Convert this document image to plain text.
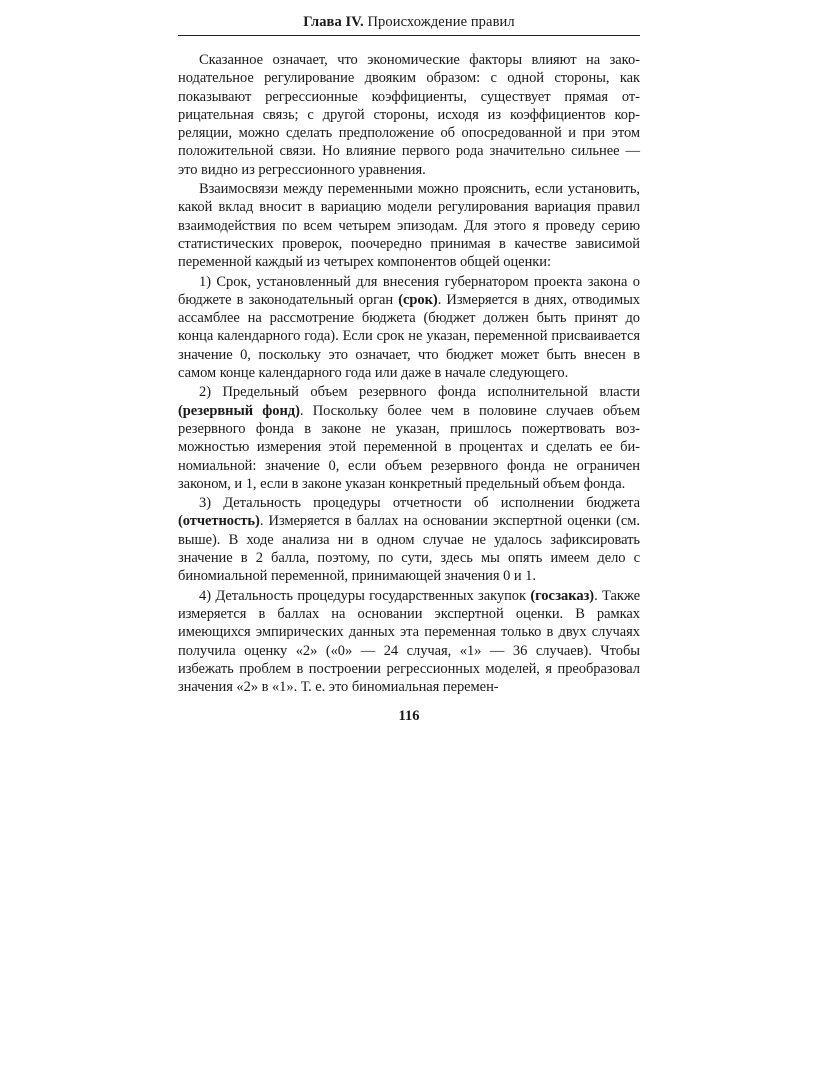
Глава IV. Происхождение правил

Сказанное означает, что экономические факторы влияют на законодательное регулирование двояким образом: с одной стороны, как показывают регрессионные коэффициенты, существует прямая отрицательная связь; с другой стороны, исходя из коэффициентов корреляции, можно сделать предположение об опосредованной и при этом положительной связи. Но влияние первого рода значительно сильнее — это видно из регрессионного уравнения.

Взаимосвязи между переменными можно прояснить, если установить, какой вклад вносит в вариацию модели регулирования вариация правил взаимодействия по всем четырем эпизодам. Для этого я проведу серию статистических проверок, поочередно принимая в качестве зависимой переменной каждый из четырех компонентов общей оценки:

1) Срок, установленный для внесения губернатором проекта закона о бюджете в законодательный орган (срок). Измеряется в днях, отводимых ассамблее на рассмотрение бюджета (бюджет должен быть принят до конца календарного года). Если срок не указан, переменной присваивается значение 0, поскольку это означает, что бюджет может быть внесен в самом конце календарного года или даже в начале следующего.

2) Предельный объем резервного фонда исполнительной власти (резервный фонд). Поскольку более чем в половине случаев объем резервного фонда в законе не указан, пришлось пожертвовать возможностью измерения этой переменной в процентах и сделать ее биномиальной: значение 0, если объем резервного фонда не ограничен законом, и 1, если в законе указан конкретный предельный объем фонда.

3) Детальность процедуры отчетности об исполнении бюджета (отчетность). Измеряется в баллах на основании экспертной оценки (см. выше). В ходе анализа ни в одном случае не удалось зафиксировать значение в 2 балла, поэтому, по сути, здесь мы опять имеем дело с биномиальной переменной, принимающей значения 0 и 1.

4) Детальность процедуры государственных закупок (госзаказ). Также измеряется в баллах на основании экспертной оценки. В рамках имеющихся эмпирических данных эта переменная только в двух случаях получила оценку «2» («0» — 24 случая, «1» — 36 случаев). Чтобы избежать проблем в построении регрессионных моделей, я преобразовал значения «2» в «1». Т. е. это биномиальная перемен-

116
